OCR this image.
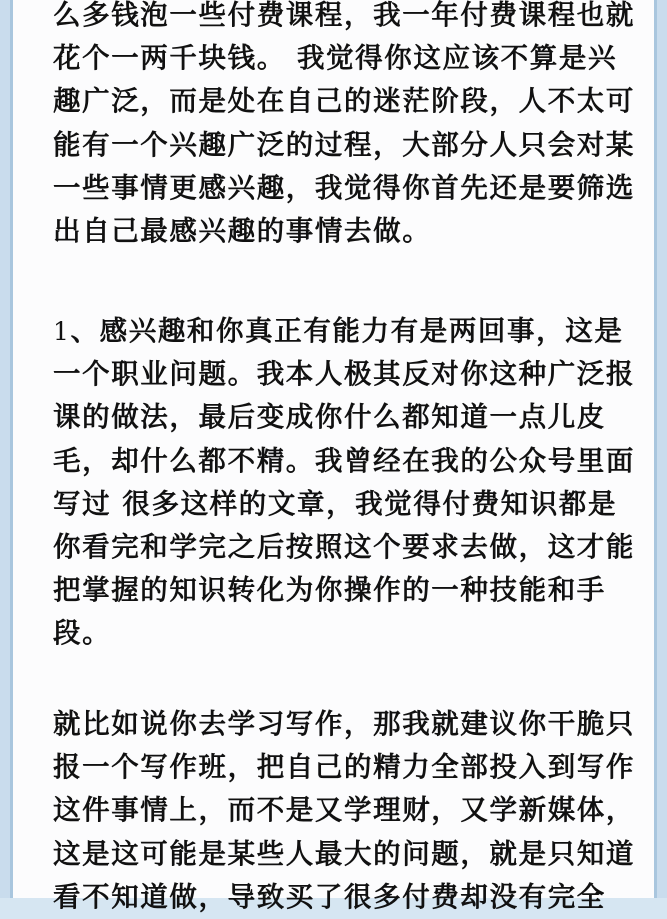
么多钱泡一些付费课程，我一年付费课程也就
花个一两千块钱。 我觉得你这应该不算是兴
趣广泛，而是处在自己的迷茫阶段，人不太可
能有一个兴趣广泛的过程，大部分人只会对某
一些事情更感兴趣，我觉得你首先还是要筛选
出自己最感兴趣的事情去做。

1、感兴趣和你真正有能力有是两回事，这是
一个职业问题。我本人极其反对你这种广泛报
课的做法，最后变成你什么都知道一点儿皮
毛，却什么都不精。我曾经在我的公众号里面
写过 很多这样的文章，我觉得付费知识都是
你看完和学完之后按照这个要求去做，这才能
把掌握的知识转化为你操作的一种技能和手
段。

就比如说你去学习写作，那我就建议你干脆只
报一个写作班，把自己的精力全部投入到写作
这件事情上，而不是又学理财，又学新媒体，
这是这可能是某些人最大的问题，就是只知道
看不知道做，导致买了很多付费却没有完全
